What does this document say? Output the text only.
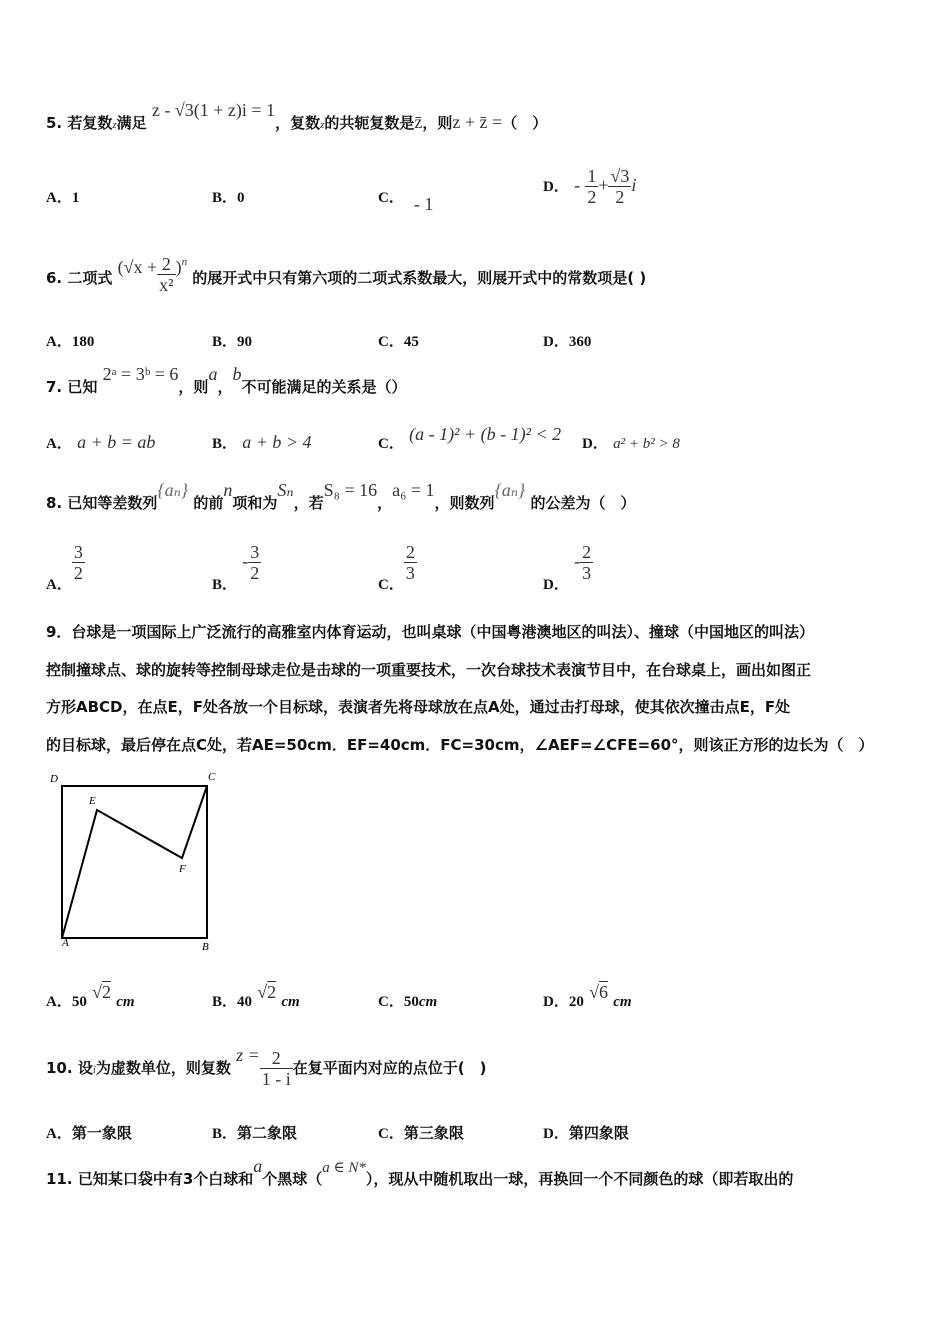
5. 若复数z满足 z - √3(1 + z)i = 1，复数z的共轭复数是z̄，则z + z̄ =（　）
A．1	B．0	C． - 1
D． - $\frac{1}{2} + \frac{√3}{2}$ i
6. 二项式 $(√x + \frac{2}{\text{x²}} )^n$ 的展开式中只有第六项的二项式系数最大，则展开式中的常数项是( )
A．180	B．90	C．45	D．360
7. 已知 2ᵃ = 3ᵇ = 6，则a，b不可能满足的关系是（）
A． a + b = ab	B． a + b > 4	C． (a - 1)² + (b - 1)² < 2 D． a² + b² > 8
8. 已知等差数列{aₙ} 的前n项和为Sₙ，若S₈ = 16，a₆ = 1，则数列{aₙ} 的公差为（　）
A．
$\frac{3}{2}$
B． - $\frac{3}{2}$
C．
$\frac{2}{3}$
D． - $\frac{2}{3}$
9．台球是一项国际上广泛流行的高雅室内体育运动，也叫桌球（中国粤港澳地区的叫法）、撞球（中国地区的叫法）
控制撞球点、球的旋转等控制母球走位是击球的一项重要技术，一次台球技术表演节目中，在台球桌上，画出如图正
方形ABCD，在点E，F处各放一个目标球，表演者先将母球放在点A处，通过击打母球，使其依次撞击点E，F处
的目标球，最后停在点C处，若AE=50cm．EF=40cm．FC=30cm，∠AEF=∠CFE=60°，则该正方形的边长为（　）
D	C
E
F
A	B
A．50 √2 cm	B．40 √2 cm	C．50cm	D．20 √6 cm
10. 设i为虚数单位，则复数 $z = \frac{2}{1 - i}$ 在复平面内对应的点位于(　)
A．第一象限	B．第二象限	C．第三象限	D．第四象限
11. 已知某口袋中有3个白球和a个黑球（a ∈ N*），现从中随机取出一球，再换回一个不同颜色的球（即若取出的
